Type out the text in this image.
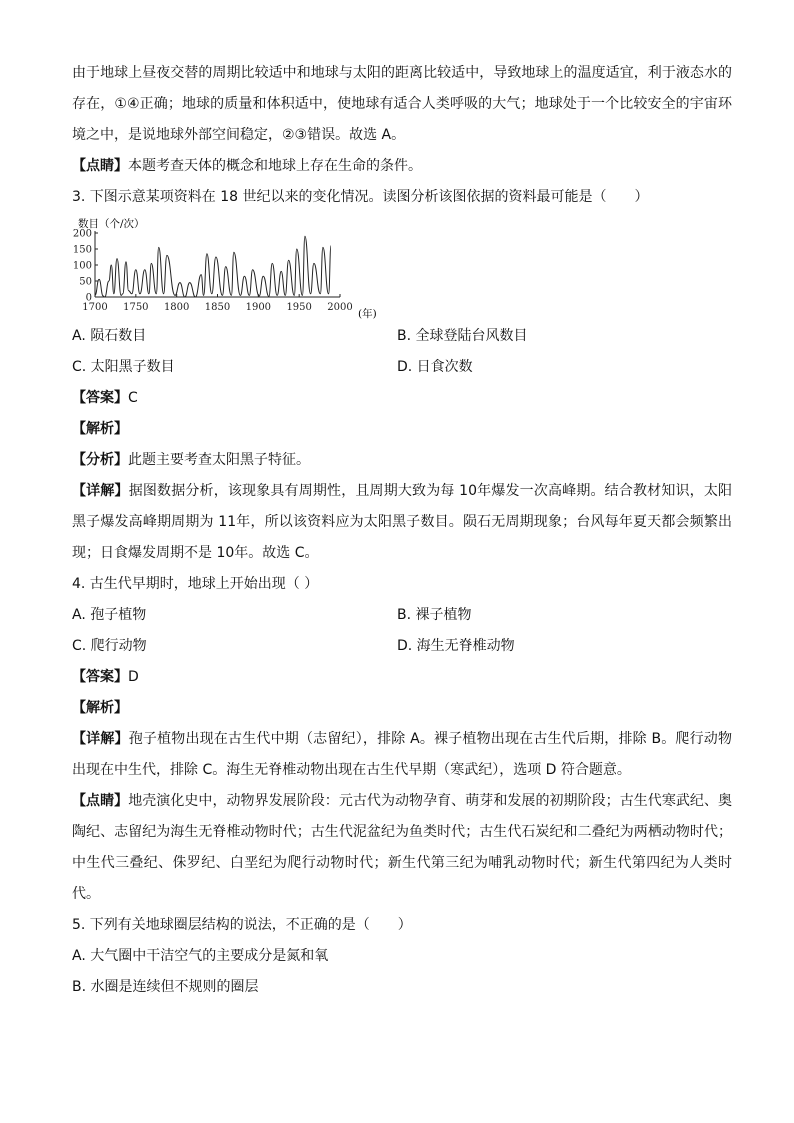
由于地球上昼夜交替的周期比较适中和地球与太阳的距离比较适中，导致地球上的温度适宜，利于液态水的存在，①④正确；地球的质量和体积适中，使地球有适合人类呼吸的大气；地球处于一个比较安全的宇宙环境之中，是说地球外部空间稳定，②③错误。故选 A。
【点睛】本题考查天体的概念和地球上存在生命的条件。
3. 下图示意某项资料在 18 世纪以来的变化情况。读图分析该图依据的资料最可能是（　　）
数目（个/次）
(年)
0
50
100
150
200
1700 1750 1800 1850 1900 1950 2000
A. 陨石数目	B. 全球登陆台风数目
C. 太阳黑子数目	D. 日食次数
【答案】C
【解析】
【分析】此题主要考查太阳黑子特征。
【详解】据图数据分析，该现象具有周期性，且周期大致为每 10年爆发一次高峰期。结合教材知识，太阳黑子爆发高峰期周期为 11年，所以该资料应为太阳黑子数目。陨石无周期现象；台风每年夏天都会频繁出现；日食爆发周期不是 10年。故选 C。
4. 古生代早期时，地球上开始出现（ ）
A. 孢子植物	B. 裸子植物
C. 爬行动物	D. 海生无脊椎动物
【答案】D
【解析】
【详解】孢子植物出现在古生代中期（志留纪），排除 A。裸子植物出现在古生代后期，排除 B。爬行动物出现在中生代，排除 C。海生无脊椎动物出现在古生代早期（寒武纪），选项 D 符合题意。
【点睛】地壳演化史中，动物界发展阶段：元古代为动物孕育、萌芽和发展的初期阶段；古生代寒武纪、奥陶纪、志留纪为海生无脊椎动物时代；古生代泥盆纪为鱼类时代；古生代石炭纪和二叠纪为两栖动物时代；中生代三叠纪、侏罗纪、白垩纪为爬行动物时代；新生代第三纪为哺乳动物时代；新生代第四纪为人类时代。
5. 下列有关地球圈层结构的说法，不正确的是（　　）
A. 大气圈中干洁空气的主要成分是氮和氧
B. 水圈是连续但不规则的圈层
